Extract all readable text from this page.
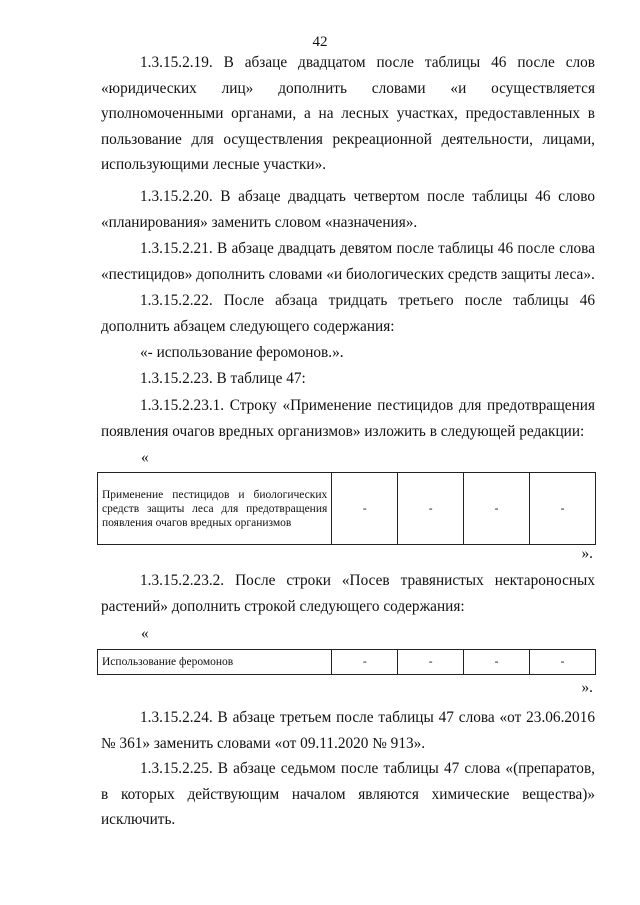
42

1.3.15.2.19. В абзаце двадцатом после таблицы 46 после слов «юридических лиц» дополнить словами «и осуществляется уполномоченными органами, а на лесных участках, предоставленных в пользование для осуществления рекреационной деятельности, лицами, использующими лесные участки».

1.3.15.2.20. В абзаце двадцать четвертом после таблицы 46 слово «планирования» заменить словом «назначения».

1.3.15.2.21. В абзаце двадцать девятом после таблицы 46 после слова «пестицидов» дополнить словами «и биологических средств защиты леса».

1.3.15.2.22. После абзаца тридцать третьего после таблицы 46 дополнить абзацем следующего содержания:

«- использование феромонов.».

1.3.15.2.23. В таблице 47:

1.3.15.2.23.1. Строку «Применение пестицидов для предотвращения появления очагов вредных организмов» изложить в следующей редакции:

«
Применение пестицидов и биологических средств защиты леса для предотвращения появления очагов вредных организмов	-	-	-	-
».

1.3.15.2.23.2. После строки «Посев травянистых нектароносных растений» дополнить строкой следующего содержания:

«
Использование феромонов	-	-	-	-
».

1.3.15.2.24. В абзаце третьем после таблицы 47 слова «от 23.06.2016 № 361» заменить словами «от 09.11.2020 № 913».

1.3.15.2.25. В абзаце седьмом после таблицы 47 слова «(препаратов, в которых действующим началом являются химические вещества)» исключить.
